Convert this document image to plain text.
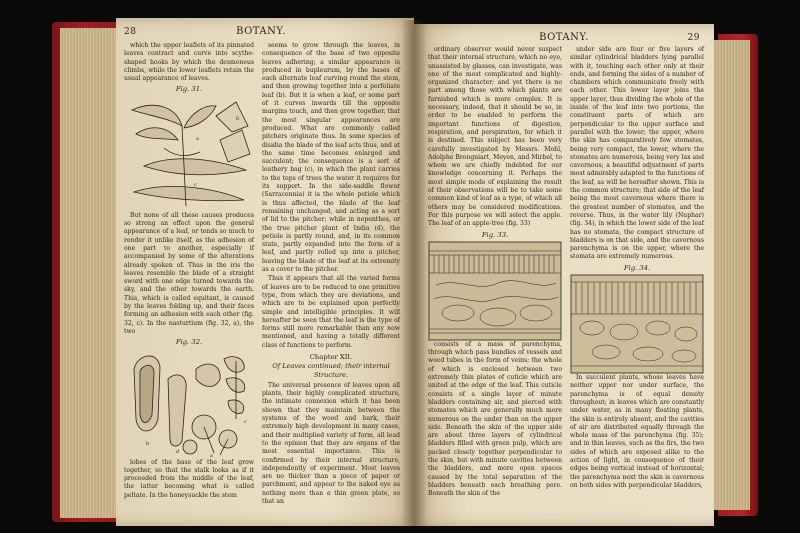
28	BOTANY.

which the upper leaflets of its pinnated leaves contract and curve into scythe-shaped hooks by which the desmoneus climbs, while the lower leaflets retain the usual appearance of leaves.

Fig. 31.
a
b
c

But none of all these causes produces so strong an effect upon the general appearance of a leaf, or tends so much to render it unlike itself, as the adhesion of one part to another, especially if accompanied by some of the alterations already spoken of. Thus in the iris the leaves resemble the blade of a straight sword with one edge turned towards the sky, and the other towards the earth. This, which is called equitant, is caused by the leaves folding up, and their faces forming an adhesion with each other (fig. 32, c). In the nasturtium (fig. 32, a), the two

Fig. 32.
b
d
a
c

lobes of the base of the leaf grow together, so that the stalk looks as if it proceeded from the middle of the leaf, the latter becoming what is called peltate. In the honeysuckle the stem

seems to grow through the leaves, in consequence of the base of two opposite leaves adhering; a similar appearance is produced in bupleurum, by the bases of each alternate leaf curving round the stem, and then growing together into a perfoliate leaf (b). But it is when a leaf, or some part of it curves inwards till the opposite margins touch, and then grow together, that the most singular appearances are produced. What are commonly called pitchers originate thus. In some species of disidia the blade of the leaf acts thus, and at the same time becomes enlarged and succulent; the consequence is a sort of leathery bag (c), in which the plant carries to the tops of trees the water it requires for its support. In the side-saddle flower (Sarracennia) it is the whole petiole which is thus affected, the blade of the leaf remaining unchanged, and acting as a sort of lid to the pitcher; while in nepenthes, or the true pitcher plant of India (d), the petiole is partly round, and, in its common state, partly expanded into the form of a leaf, and partly rolled up into a pitcher, leaving the blade of the leaf at its extremity as a cover to the pitcher.

Thus it appears that all the varied forms of leaves are to be reduced to one primitive type, from which they are deviations, and which are to be explained upon perfectly simple and intelligible principles. It will hereafter be seen that the leaf is the type of forms still more remarkable than any now mentioned, and having a totally different class of functions to perform.

Chapter XII.
Of Leaves continued; their internal Structure.

The universal presence of leaves upon all plants, their highly complicated structure, the intimate connexion which it has been shown that they maintain between the systems of the wood and bark, their extremely high development in many cases, and their multiplied variety of form, all lead to the opinion that they are organs of the most essential importance. This is confirmed by their internal structure, independently of experiment. Most leaves are no thicker than a piece of paper or parchment, and appear to the naked eye as nothing more than a thin green plate, so that an

BOTANY.	29

ordinary observer would never suspect that their internal structure, which no eye, unassisted by glasses, can investigate, was one of the most complicated and highly-organized character; and yet there is no part among those with which plants are furnished which is more complex. It is necessary, indeed, that it should be so, in order to be enabled to perform the important functions of digestion, respiration, and perspiration, for which it is destined. This subject has been very carefully investigated by Messrs. Mohl, Adolphe Brongniart, Meyen, and Mirbel, to whom we are chiefly indebted for our knowledge concerning it. Perhaps the most simple mode of explaining the result of their observations will be to take some common kind of leaf as a type, of which all others may be considered modifications. For this purpose we will select the apple. The leaf of an apple-tree (fig. 33)

Fig. 33.

consists of a mass of parenchyma, through which pass bundles of vessels and wood tubes in the form of veins; the whole of which is enclosed between two extremely thin plates of cuticle which are united at the edge of the leaf. This cuticle consists of a single layer of minute bladders containing air, and pierced with stomates which are generally much more numerous on the under than on the upper side. Beneath the skin of the upper side are about three layers of cylindrical bladders filled with green pulp, which are packed closely together perpendicular to the skin, but with minute cavities between the bladders, and more open spaces caused by the total separation of the bladders beneath each breathing pore. Beneath the skin of the

under side are four or five layers of similar cylindrical bladders lying parallel with it, touching each other only at their ends, and forming the sides of a number of chambers which communicate freely with each other. This lower layer joins the upper layer, thus dividing the whole of the inside of the leaf into two portions, the constituent parts of which are perpendicular to the upper surface and parallel with the lower; the upper, where the skin has comparatively few stomates, being very compact, the lower, where the stomates are numerous, being very lax and cavernous; a beautiful adjustment of parts most admirably adapted to the functions of the leaf, as will be hereafter shown. This is the common structure; that side of the leaf being the most cavernous where there is the greatest number of stomates, and the reverse. Thus, in the water lily (Nuphar) (fig. 34), in which the lower side of the leaf has no stomata, the compact structure of bladders is on that side, and the cavernous parenchyma is on the upper, where the stomata are extremely numerous.

Fig. 34.

In succulent plants, whose leaves have neither upper nor under surface, the parenchyma is of equal density throughout; in leaves which are constantly under water, as in many floating plants, the skin is entirely absent, and the cavities of air are distributed equally through the whole mass of the parenchyma (fig. 35); and in thin leaves, such as the firs, the two sides of which are exposed alike to the action of light, in consequence of their edges being vertical instead of horizontal; the parenchyma next the skin is cavernous on both sides with perpendicular bladders,
